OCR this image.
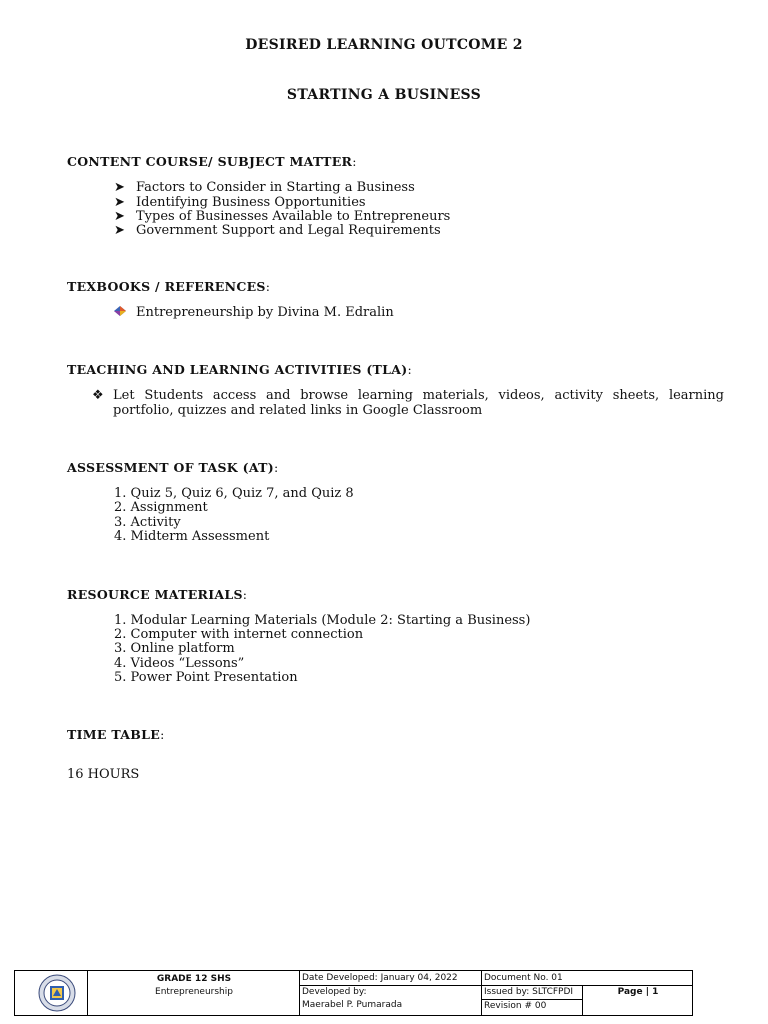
DESIRED LEARNING OUTCOME 2
STARTING A BUSINESS
CONTENT COURSE/ SUBJECT MATTER:
➤ Factors to Consider in Starting a Business
➤ Identifying Business Opportunities
➤ Types of Businesses Available to Entrepreneurs
➤ Government Support and Legal Requirements
TEXBOOKS / REFERENCES:
Entrepreneurship by Divina M. Edralin
TEACHING AND LEARNING ACTIVITIES (TLA):
❖ Let Students access and browse learning materials, videos, activity sheets, learning portfolio, quizzes and related links in Google Classroom
ASSESSMENT OF TASK (AT):
1. Quiz 5, Quiz 6, Quiz 7, and Quiz 8
2. Assignment
3. Activity
4. Midterm Assessment
RESOURCE MATERIALS:
1. Modular Learning Materials (Module 2: Starting a Business)
2. Computer with internet connection
3. Online platform
4. Videos “Lessons”
5. Power Point Presentation
TIME TABLE:
16 HOURS
GRADE 12 SHS
Entrepreneurship
Date Developed: January 04, 2022
Developed by:
Maerabel P. Pumarada
Document No. 01
Issued by: SLTCFPDI
Revision # 00
Page | 1
